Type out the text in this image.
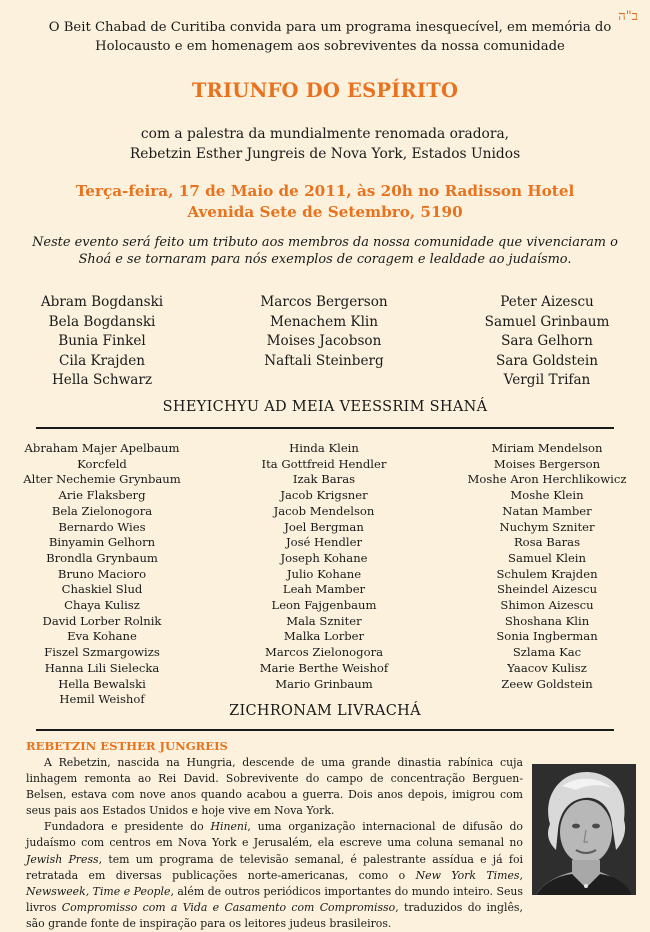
ב"ה
O Beit Chabad de Curitiba convida para um programa inesquecível, em memória do Holocausto e em homenagem aos sobreviventes da nossa comunidade
TRIUNFO DO ESPÍRITO
com a palestra da mundialmente renomada oradora,
Rebetzin Esther Jungreis de Nova York, Estados Unidos
Terça-feira, 17 de Maio de 2011, às 20h no Radisson Hotel
Avenida Sete de Setembro, 5190
Neste evento será feito um tributo aos membros da nossa comunidade que vivenciaram o Shoá e se tornaram para nós exemplos de coragem e lealdade ao judaísmo.
Abram Bogdanski
Bela Bogdanski
Bunia Finkel
Cila Krajden
Hella Schwarz
Marcos Bergerson
Menachem Klin
Moises Jacobson
Naftali Steinberg
Peter Aizescu
Samuel Grinbaum
Sara Gelhorn
Sara Goldstein
Vergil Trifan
SHEYICHYU AD MEIA VEESSRIM SHANÁ
Abraham Majer Apelbaum Korcfeld
Alter Nechemie Grynbaum
Arie Flaksberg
Bela Zielonogora
Bernardo Wies
Binyamin Gelhorn
Brondla Grynbaum
Bruno Macioro
Chaskiel Slud
Chaya Kulisz
David Lorber Rolnik
Eva Kohane
Fiszel Szmargowizs
Hanna Lili Sielecka
Hella Bewalski
Hemil Weishof
Hinda Klein
Ita Gottfreid Hendler
Izak Baras
Jacob Krigsner
Jacob Mendelson
Joel Bergman
José Hendler
Joseph Kohane
Julio Kohane
Leah Mamber
Leon Fajgenbaum
Mala Szniter
Malka Lorber
Marcos Zielonogora
Marie Berthe Weishof
Mario Grinbaum
Miriam Mendelson
Moises Bergerson
Moshe Aron Herchlikowicz
Moshe Klein
Natan Mamber
Nuchym Szniter
Rosa Baras
Samuel Klein
Schulem Krajden
Sheindel Aizescu
Shimon Aizescu
Shoshana Klin
Sonia Ingberman
Szlama Kac
Yaacov Kulisz
Zeew Goldstein
ZICHRONAM LIVRACHÁ
REBETZIN ESTHER JUNGREIS

A Rebetzin, nascida na Hungria, descende de uma grande dinastia rabínica cuja linhagem remonta ao Rei David. Sobrevivente do campo de concentração Berguen-Belsen, estava com nove anos quando acabou a guerra. Dois anos depois, imigrou com seus pais aos Estados Unidos e hoje vive em Nova York.

Fundadora e presidente do Hineni, uma organização internacional de difusão do judaísmo com centros em Nova York e Jerusalém, ela escreve uma coluna semanal no Jewish Press, tem um programa de televisão semanal, é palestrante assídua e já foi retratada em diversas publicações norte-americanas, como o New York Times, Newsweek, Time e People, além de outros periódicos importantes do mundo inteiro. Seus livros Compromisso com a Vida e Casamento com Compromisso, traduzidos do inglês, são grande fonte de inspiração para os leitores judeus brasileiros.
